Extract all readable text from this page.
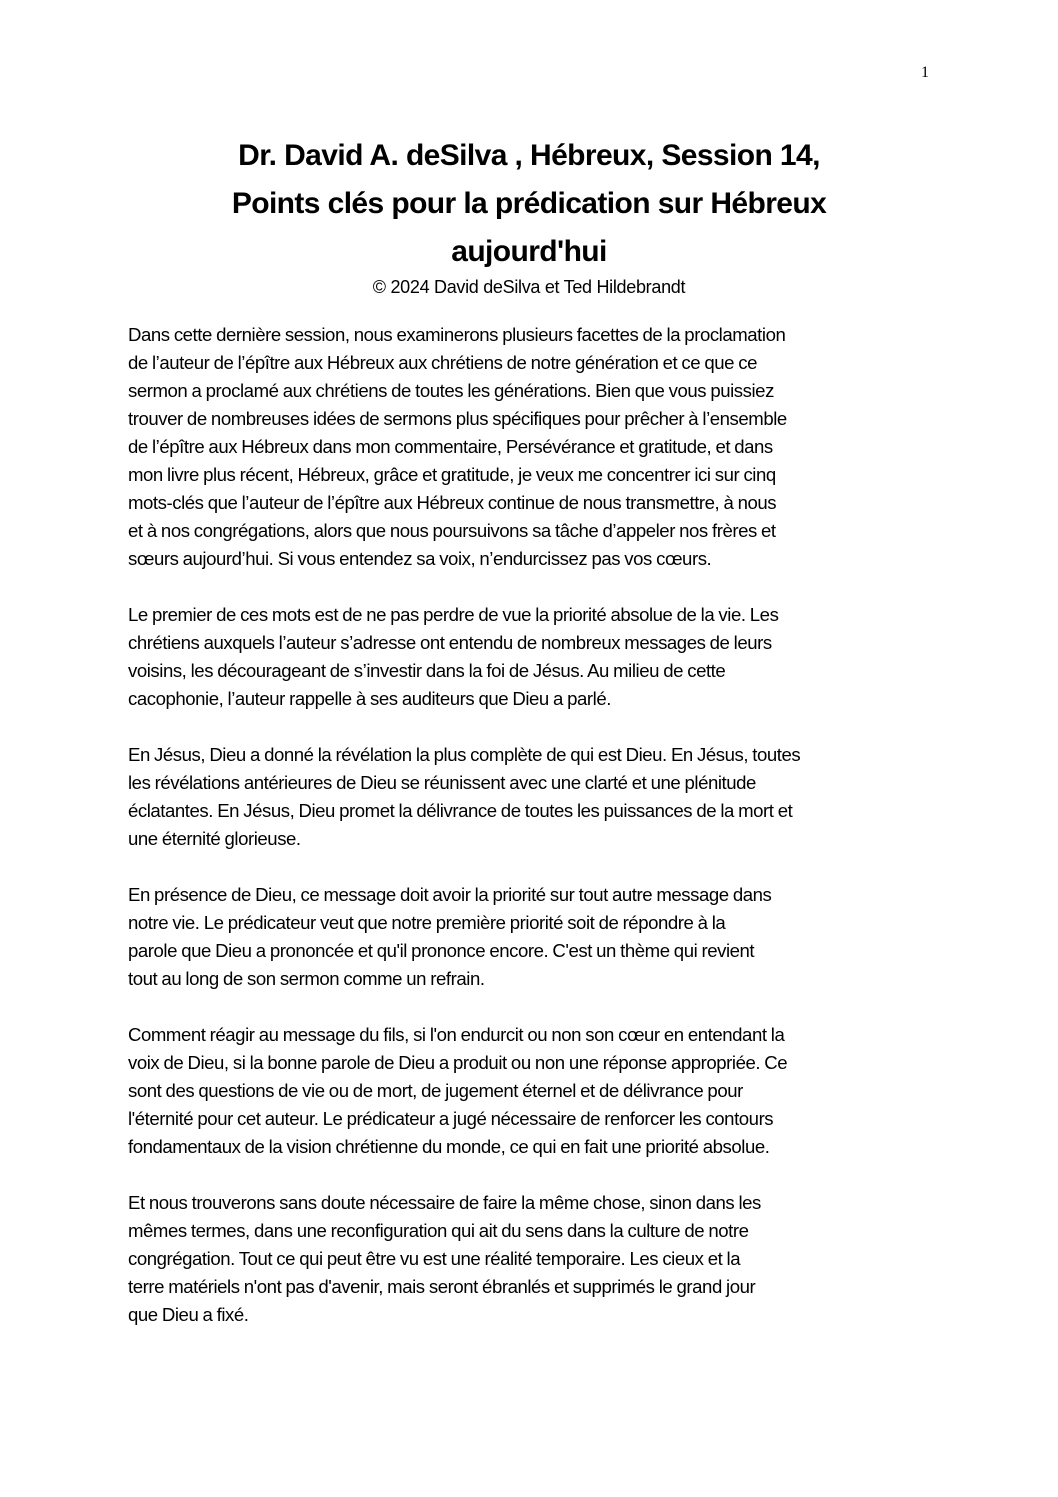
1
Dr. David A. deSilva , Hébreux, Session 14,
Points clés pour la prédication sur Hébreux
aujourd'hui
© 2024 David deSilva et Ted Hildebrandt

Dans cette dernière session, nous examinerons plusieurs facettes de la proclamation
de l’auteur de l’épître aux Hébreux aux chrétiens de notre génération et ce que ce
sermon a proclamé aux chrétiens de toutes les générations. Bien que vous puissiez
trouver de nombreuses idées de sermons plus spécifiques pour prêcher à l’ensemble
de l’épître aux Hébreux dans mon commentaire, Persévérance et gratitude, et dans
mon livre plus récent, Hébreux, grâce et gratitude, je veux me concentrer ici sur cinq
mots-clés que l’auteur de l’épître aux Hébreux continue de nous transmettre, à nous
et à nos congrégations, alors que nous poursuivons sa tâche d’appeler nos frères et
sœurs aujourd’hui. Si vous entendez sa voix, n’endurcissez pas vos cœurs.

Le premier de ces mots est de ne pas perdre de vue la priorité absolue de la vie. Les
chrétiens auxquels l’auteur s’adresse ont entendu de nombreux messages de leurs
voisins, les décourageant de s’investir dans la foi de Jésus. Au milieu de cette
cacophonie, l’auteur rappelle à ses auditeurs que Dieu a parlé.

En Jésus, Dieu a donné la révélation la plus complète de qui est Dieu. En Jésus, toutes
les révélations antérieures de Dieu se réunissent avec une clarté et une plénitude
éclatantes. En Jésus, Dieu promet la délivrance de toutes les puissances de la mort et
une éternité glorieuse.

En présence de Dieu, ce message doit avoir la priorité sur tout autre message dans
notre vie. Le prédicateur veut que notre première priorité soit de répondre à la
parole que Dieu a prononcée et qu'il prononce encore. C'est un thème qui revient
tout au long de son sermon comme un refrain.

Comment réagir au message du fils, si l'on endurcit ou non son cœur en entendant la
voix de Dieu, si la bonne parole de Dieu a produit ou non une réponse appropriée. Ce
sont des questions de vie ou de mort, de jugement éternel et de délivrance pour
l'éternité pour cet auteur. Le prédicateur a jugé nécessaire de renforcer les contours
fondamentaux de la vision chrétienne du monde, ce qui en fait une priorité absolue.

Et nous trouverons sans doute nécessaire de faire la même chose, sinon dans les
mêmes termes, dans une reconfiguration qui ait du sens dans la culture de notre
congrégation. Tout ce qui peut être vu est une réalité temporaire. Les cieux et la
terre matériels n'ont pas d'avenir, mais seront ébranlés et supprimés le grand jour
que Dieu a fixé.
